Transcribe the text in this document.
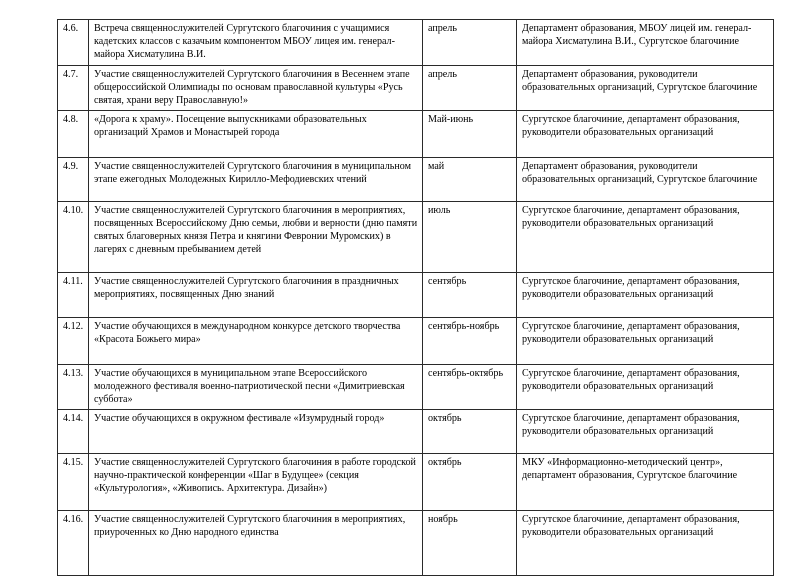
4.6.	Встреча священнослужителей Сургутского благочиния с учащимися кадетских классов с казачьим компонентом МБОУ лицея им. генерал-майора Хисматулина В.И.	апрель	Департамент образования, МБОУ лицей им. генерал-майора Хисматулина В.И., Сургутское благочиние
4.7.	Участие священнослужителей Сургутского благочиния в Весеннем этапе общероссийской Олимпиады по основам православной культуры «Русь святая, храни веру Православную!»	апрель	Департамент образования, руководители образовательных организаций, Сургутское благочиние
4.8.	«Дорога к храму». Посещение выпускниками образовательных организаций Храмов и Монастырей города	Май-июнь	Сургутское благочиние, департамент образования, руководители образовательных организаций
4.9.	Участие священнослужителей Сургутского благочиния в муниципальном этапе ежегодных Молодежных Кирилло-Мефодиевских чтений	май	Департамент образования, руководители образовательных организаций, Сургутское благочиние
4.10.	Участие священнослужителей Сургутского благочиния в мероприятиях, посвященных Всероссийскому Дню семьи, любви и верности (дню памяти святых благоверных князя Петра и княгини Февронии Муромских) в лагерях с дневным пребыванием детей	июль	Сургутское благочиние, департамент образования, руководители образовательных организаций
4.11.	Участие священнослужителей Сургутского благочиния в праздничных мероприятиях, посвященных Дню знаний	сентябрь	Сургутское благочиние, департамент образования, руководители образовательных организаций
4.12.	Участие обучающихся в международном конкурсе детского творчества «Красота Божьего мира»	сентябрь-ноябрь	Сургутское благочиние, департамент образования, руководители образовательных организаций
4.13.	Участие обучающихся в муниципальном этапе Всероссийского молодежного фестиваля военно-патриотической песни «Димитриевская суббота»	сентябрь-октябрь	Сургутское благочиние, департамент образования, руководители образовательных организаций
4.14.	Участие обучающихся в окружном фестивале «Изумрудный город»	октябрь	Сургутское благочиние, департамент образования, руководители образовательных организаций
4.15.	Участие священнослужителей Сургутского благочиния в работе городской научно-практической конференции «Шаг в Будущее» (секция «Культурология», «Живопись. Архитектура. Дизайн»)	октябрь	МКУ «Информационно-методический центр», департамент образования, Сургутское благочиние
4.16.	Участие священнослужителей Сургутского благочиния в мероприятиях, приуроченных ко Дню народного единства	ноябрь	Сургутское благочиние, департамент образования, руководители образовательных организаций
